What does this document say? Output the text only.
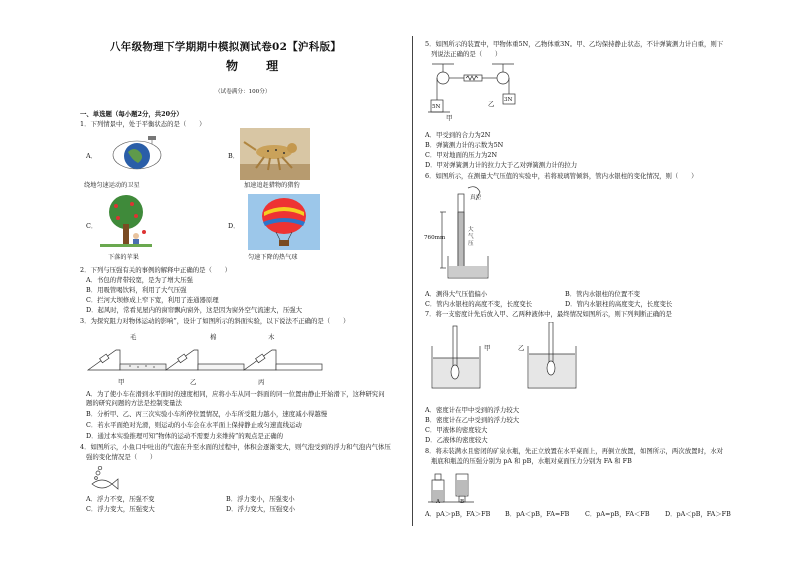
八年级物理下学期期中模拟测试卷02【沪科版】
物 理
（试卷满分：100分）
一、单选题（每小题2分，共20分）
1．下列情景中，处于平衡状态的是（　　）
A．
绕地匀速运动的卫星
B．
加速追赶猎物的猎豹
C．
下落的苹果
D．
匀速下降的热气球
2．下列与压强有关的事例的解释中正确的是（　　）
A．书包的背带较宽，是为了增大压强
B．用吸管喝饮料，利用了大气压强
C．拦河大坝修成上窄下宽，利用了连通器原理
D．起风时，常看见屋内的窗帘飘向窗外，这是因为窗外空气流速大，压强大
3．为探究阻力对物体运动的影响”，设计了如图所示的斜面实验，以下说法不正确的是（　　）
毛	棉	木
甲	乙	丙
A．为了使小车在滑到水平面时的速度相同，应将小车从同一斜面的同一位置由静止开始滑下，这种研究问
题的研究问题的方法是控制变量法
B．分析甲、乙、丙三次实验小车所停位置情况，小车所受阻力越小，速度减小得越慢
C．若水平面绝对光滑，则运动的小车会在水平面上保持静止或匀速直线运动
D．通过本实验推理可知”物体的运动不需要力来维持”的观点是正确的
4．如图所示，小鱼口中吐出的气泡在升至水面的过程中，体积会逐渐变大，则气泡受到的浮力和气泡内气体压
强的变化情况是（　　）
A．浮力不变，压强不变	B．浮力变小，压强变小
C．浮力变大，压强变大	D．浮力变大，压强变小
5．如图所示的装置中，甲物体重5N，乙物体重3N。甲、乙均保持静止状态，不计弹簧测力计自重，则下
列说法正确的是（　　）
5N
3N
甲
乙
A．甲受到的合力为2N
B．弹簧测力计的示数为5N
C．甲对地面的压力为2N
D．甲对弹簧测力计的拉力大于乙对弹簧测力计的拉力
6．如图所示，在测量大气压值的实验中，若将玻璃管倾斜，管内水银柱的变化情况，则（　　）
真空
760mm
大
气
压
A．测得大气压值偏小	B．管内水银柱的位置不变
C．管内水银柱的高度不变，长度变长	D．管内水银柱的高度变大，长度变长
7．将一支密度计先后放入甲、乙两种液体中，最终情况如图所示，则下列判断正确的是
甲	乙
A．密度计在甲中受到的浮力较大
B．密度计在乙中受到的浮力较大
C．甲液体的密度较大
D．乙液体的密度较大
8．将未装满水且密闭的矿泉水瓶，先正立放置在水平桌面上，再倒立放置，如图所示，两次放置时，水对
瓶底和瓶盖的压强分别为 pA 和 pB，水瓶对桌面压力分别为 FA 和 FB
A	B
A．pA＞pB，FA＞FB B．pA＜pB，FA=FB C．pA=pB，FA＜FB D．pA＜pB，FA＞FB
